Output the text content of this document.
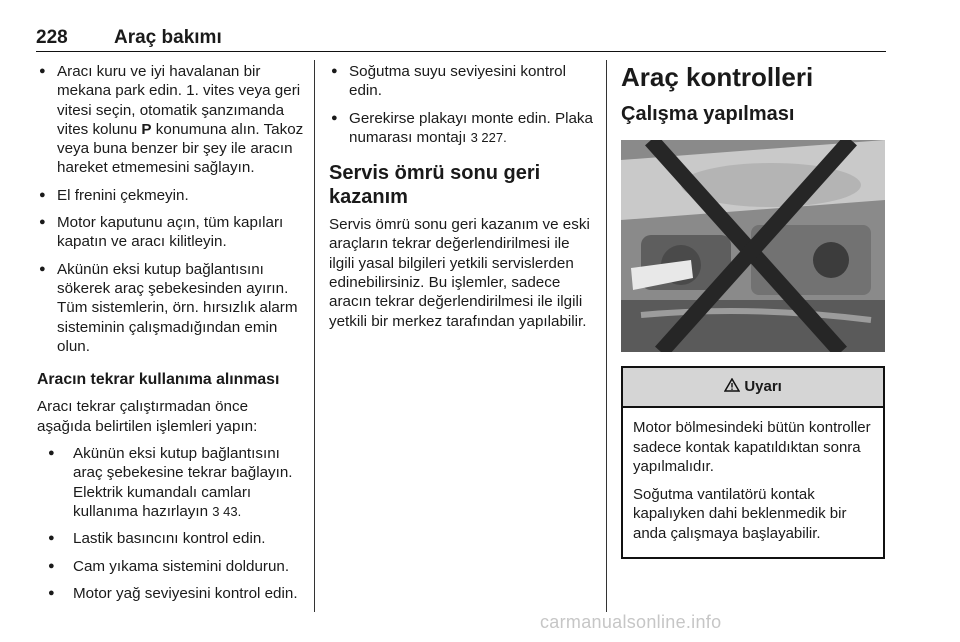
228 Araç bakımı
● Aracı kuru ve iyi havalanan bir mekana park edin. 1. vites veya geri vitesi seçin, otomatik şanzımanda vites kolunu P konumuna alın. Takoz veya buna benzer bir şey ile aracın hareket etmemesini sağlayın.
● El frenini çekmeyin.
● Motor kaputunu açın, tüm kapıları kapatın ve aracı kilitleyin.
● Akünün eksi kutup bağlantısını sökerek araç şebekesinden ayırın. Tüm sistemlerin, örn. hırsızlık alarm sisteminin çalışmadığından emin olun.
Aracın tekrar kullanıma alınması

Aracı tekrar çalıştırmadan önce aşağıda belirtilen işlemleri yapın:

● Akünün eksi kutup bağlantısını araç şebekesine tekrar bağlayın. Elektrik kumandalı camları kullanıma hazırlayın 3 43.
● Lastik basıncını kontrol edin.
● Cam yıkama sistemini doldurun.
● Motor yağ seviyesini kontrol edin.
● Soğutma suyu seviyesini kontrol edin.
● Gerekirse plakayı monte edin. Plaka numarası montajı 3 227.
Servis ömrü sonu geri kazanım

Servis ömrü sonu geri kazanım ve eski araçların tekrar değerlendirilmesi ile ilgili yasal bilgileri yetkili servislerden edinebilirsiniz. Bu işlemler, sadece aracın tekrar değerlendirilmesi ile ilgili yetkili bir merkez tarafından yapılabilir.

Araç kontrolleri
Çalışma yapılması
Uyarı

Motor bölmesindeki bütün kontroller sadece kontak kapatıldıktan sonra yapılmalıdır.

Soğutma vantilatörü kontak kapalıyken dahi beklenmedik bir anda çalışmaya başlayabilir.

carmanualsonline.info
